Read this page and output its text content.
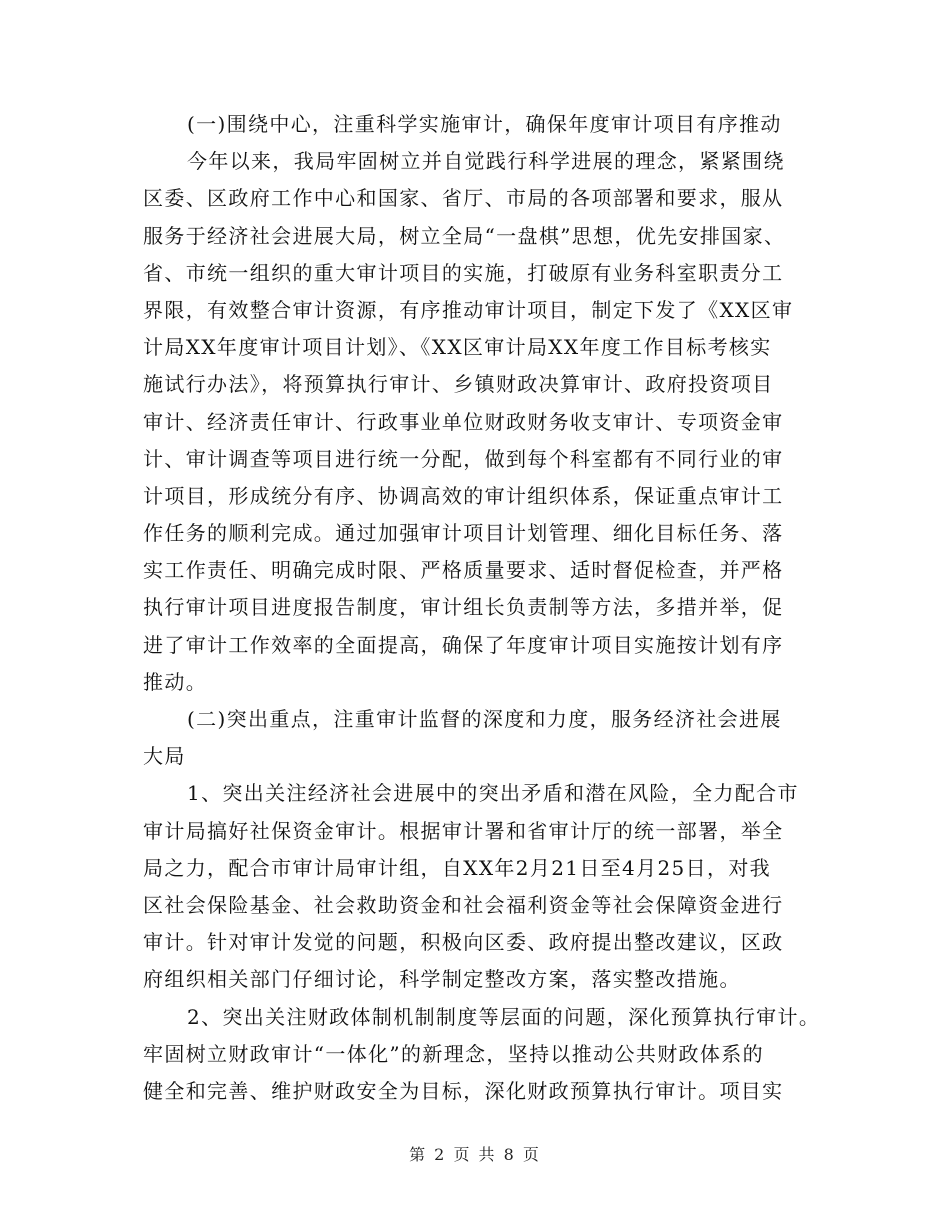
(一)围绕中心，注重科学实施审计，确保年度审计项目有序推动
今年以来，我局牢固树立并自觉践行科学进展的理念，紧紧围绕
区委、区政府工作中心和国家、省厅、市局的各项部署和要求，服从
服务于经济社会进展大局，树立全局“一盘棋”思想，优先安排国家、
省、市统一组织的重大审计项目的实施，打破原有业务科室职责分工
界限，有效整合审计资源，有序推动审计项目，制定下发了《XX区审
计局XX年度审计项目计划》、《XX区审计局XX年度工作目标考核实
施试行办法》，将预算执行审计、乡镇财政决算审计、政府投资项目
审计、经济责任审计、行政事业单位财政财务收支审计、专项资金审
计、审计调查等项目进行统一分配，做到每个科室都有不同行业的审
计项目，形成统分有序、协调高效的审计组织体系，保证重点审计工
作任务的顺利完成。通过加强审计项目计划管理、细化目标任务、落
实工作责任、明确完成时限、严格质量要求、适时督促检查，并严格
执行审计项目进度报告制度，审计组长负责制等方法，多措并举，促
进了审计工作效率的全面提高，确保了年度审计项目实施按计划有序
推动。
(二)突出重点，注重审计监督的深度和力度，服务经济社会进展
大局
1、突出关注经济社会进展中的突出矛盾和潜在风险，全力配合市
审计局搞好社保资金审计。根据审计署和省审计厅的统一部署，举全
局之力，配合市审计局审计组，自XX年2月21日至4月25日，对我
区社会保险基金、社会救助资金和社会福利资金等社会保障资金进行
审计。针对审计发觉的问题，积极向区委、政府提出整改建议，区政
府组织相关部门仔细讨论，科学制定整改方案，落实整改措施。
2、突出关注财政体制机制制度等层面的问题，深化预算执行审计。
牢固树立财政审计“一体化”的新理念，坚持以推动公共财政体系的
健全和完善、维护财政安全为目标，深化财政预算执行审计。项目实
第 2 页 共 8 页
